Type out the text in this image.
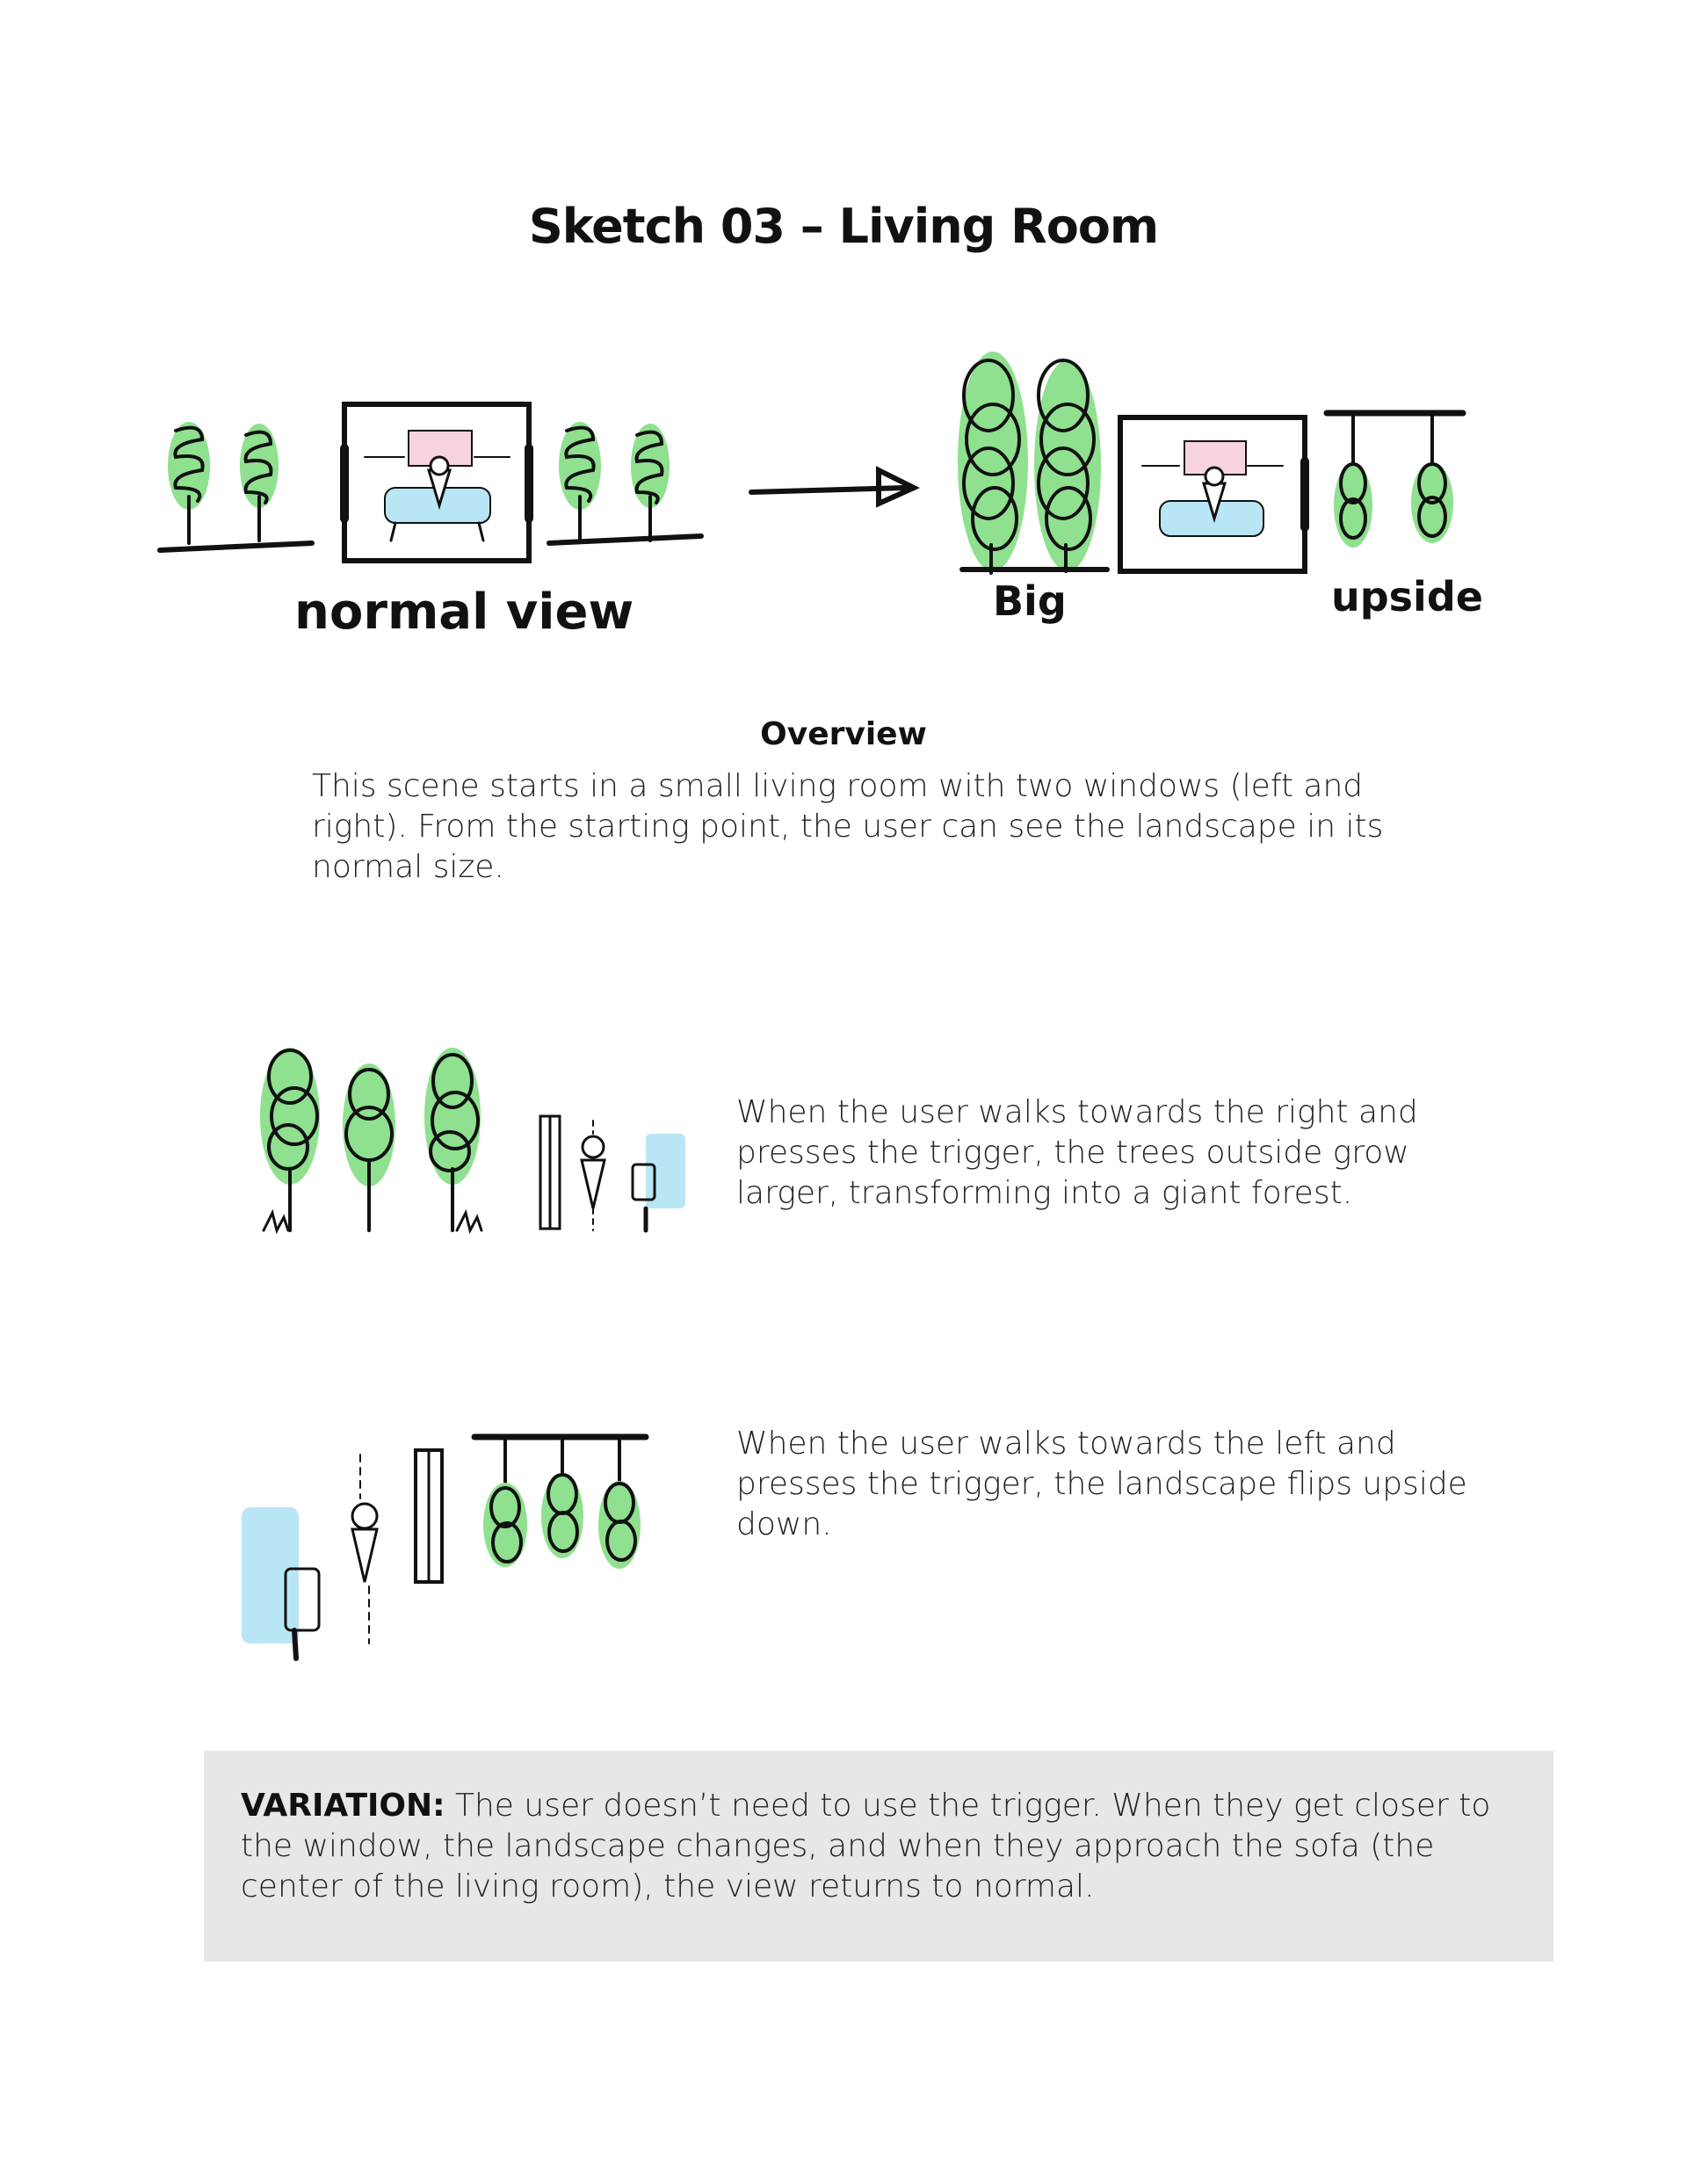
Sketch 03 – Living Room
normal view	Big	upside
Overview

This scene starts in a small living room with two windows (left and right). From the starting point, the user can see the landscape in its normal size.

When the user walks towards the right and presses the trigger, the trees outside grow larger, transforming into a giant forest.

When the user walks towards the left and presses the trigger, the landscape flips upside down.

VARIATION: The user doesn’t need to use the trigger. When they get closer to the window, the landscape changes, and when they approach the sofa (the center of the living room), the view returns to normal.
